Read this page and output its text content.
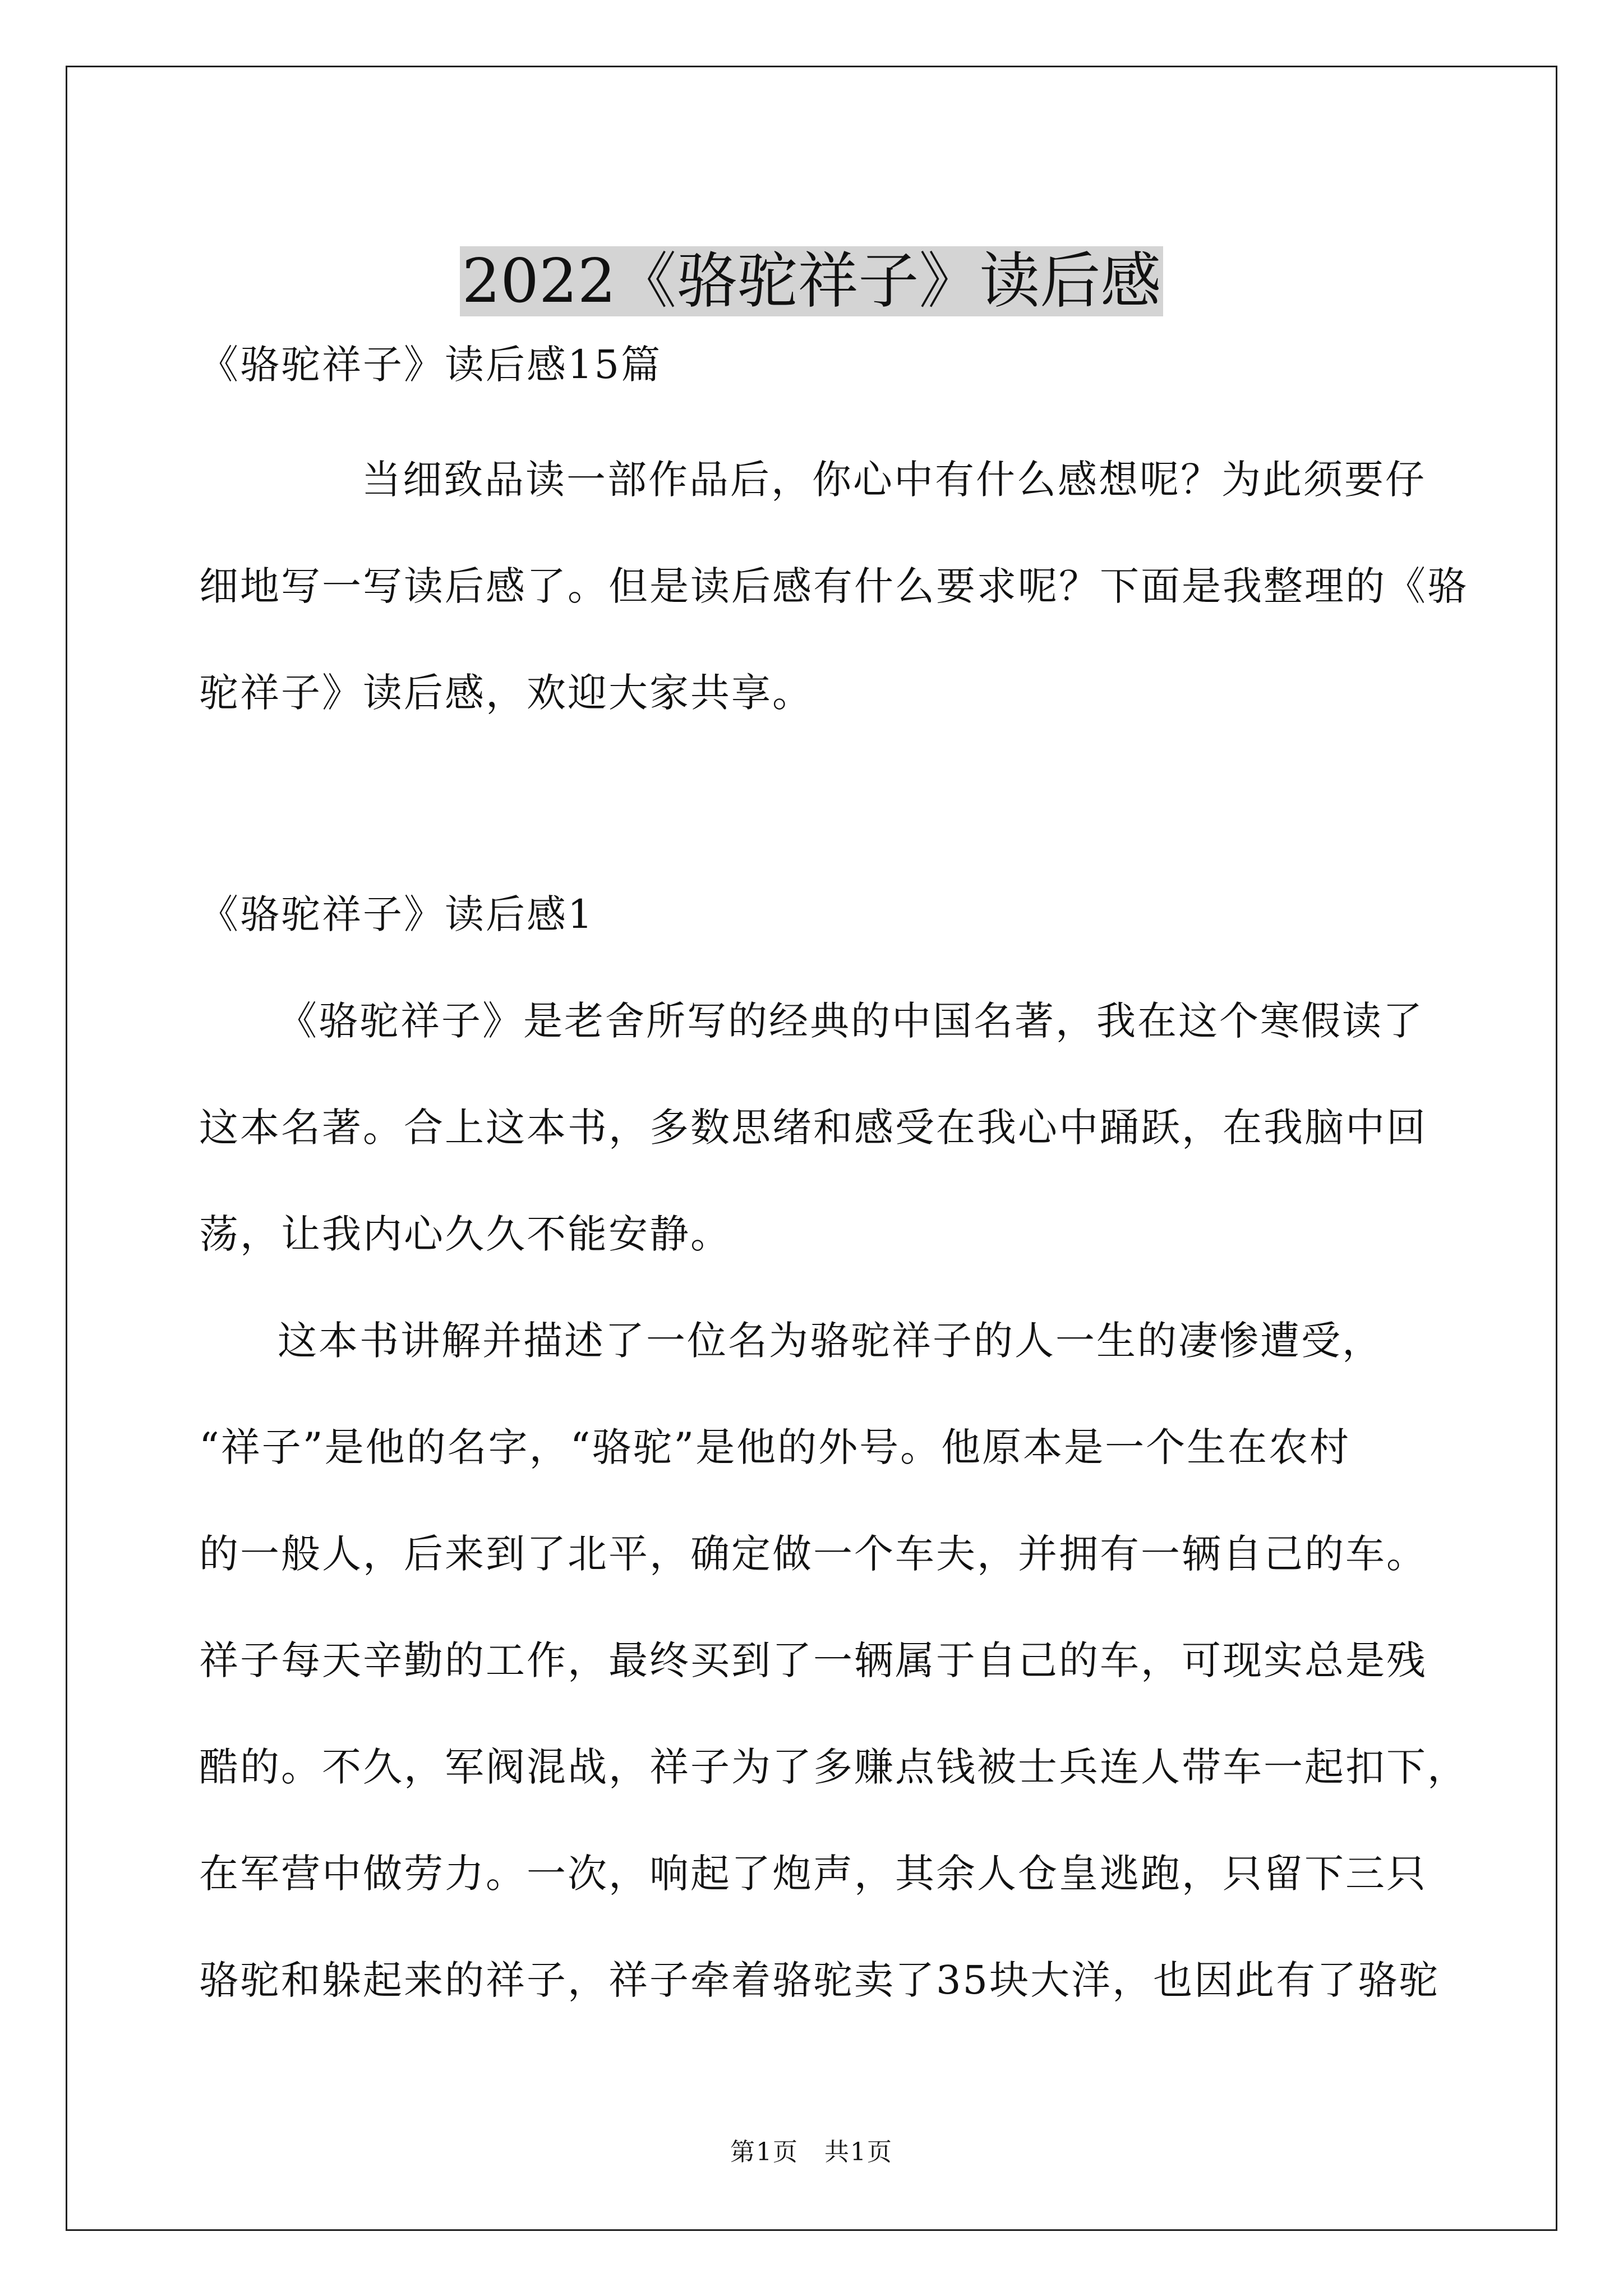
2022《骆驼祥子》读后感
《骆驼祥子》读后感15篇
当细致品读一部作品后，你心中有什么感想呢？为此须要仔
细地写一写读后感了。但是读后感有什么要求呢？下面是我整理的《骆
驼祥子》读后感，欢迎大家共享。
《骆驼祥子》读后感1
《骆驼祥子》是老舍所写的经典的中国名著，我在这个寒假读了
这本名著。合上这本书，多数思绪和感受在我心中踊跃，在我脑中回
荡，让我内心久久不能安静。
这本书讲解并描述了一位名为骆驼祥子的人一生的凄惨遭受，
“祥子”是他的名字，“骆驼”是他的外号。他原本是一个生在农村
的一般人，后来到了北平，确定做一个车夫，并拥有一辆自己的车。
祥子每天辛勤的工作，最终买到了一辆属于自己的车，可现实总是残
酷的。不久，军阀混战，祥子为了多赚点钱被士兵连人带车一起扣下，
在军营中做劳力。一次，响起了炮声，其余人仓皇逃跑，只留下三只
骆驼和躲起来的祥子，祥子牵着骆驼卖了35块大洋，也因此有了骆驼
第1页　共1页
